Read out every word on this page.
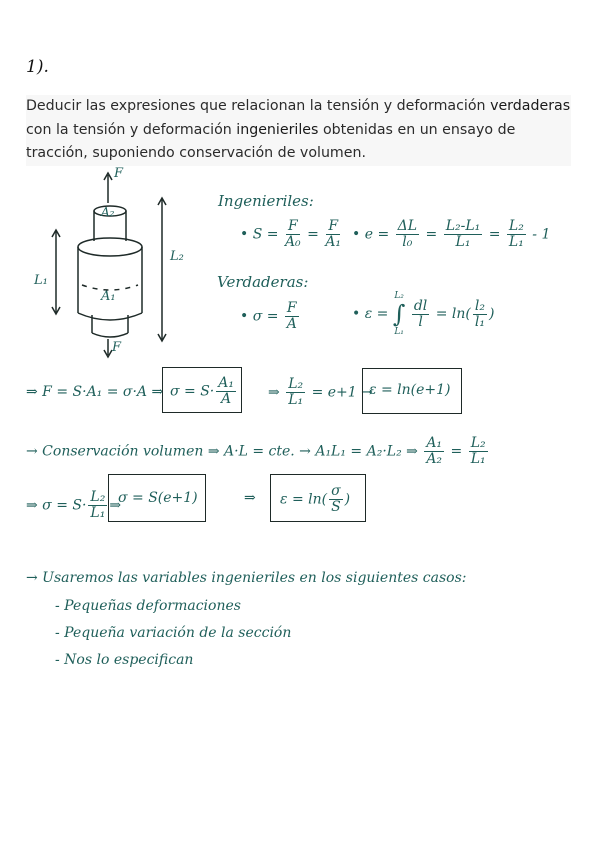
1).
Deducir las expresiones que relacionan la tensión y deformación verdaderas con la tensión y deformación ingenieriles obtenidas en un ensayo de tracción, suponiendo conservación de volumen.
F
F
A₂
A₁
L₁
L₂
Ingenieriles:
• $S = \frac{F}{\text{A₀}} = \frac{F}{\text{A₁}}$ • $e = \frac{\Delta L}{\text{l₀}} = \frac{\text{L₂-L₁}}{\text{L₁}} = \frac{\text{L₂}}{\text{L₁}} - 1$
Verdaderas:
• $\sigma = \frac{F}{A}$	• ε =
L₂
∫
L₁

$\frac{dl}{l} = \ln( \frac{\text{l₂}}{\text{l₁}}$ )
⇒ F = S·A₁ = σ·A ⇒ $\sigma = S\cdot \frac{\text{A₁}}{A}$ ⇒ $\frac{\text{L₂}}{\text{L₁}} = e+1$ →
ε = ln(e+1)
→ Conservación volumen ⇒ A·L = cte. → A₁L₁ = A₂·L₂ ⇒ $\frac{\text{A₁}}{\text{A₂}} = \frac{\text{L₂}}{\text{L₁}}$
⇒ $\sigma = S\cdot \frac{\text{L₂}}{\text{L₁}}$ ⇒
σ = S(e+1)	⇒ $\varepsilon = \ln( \frac{\sigma}{S}$ )
→ Usaremos las variables ingenieriles en los siguientes casos:
- Pequeñas deformaciones
- Pequeña variación de la sección
- Nos lo especifican
